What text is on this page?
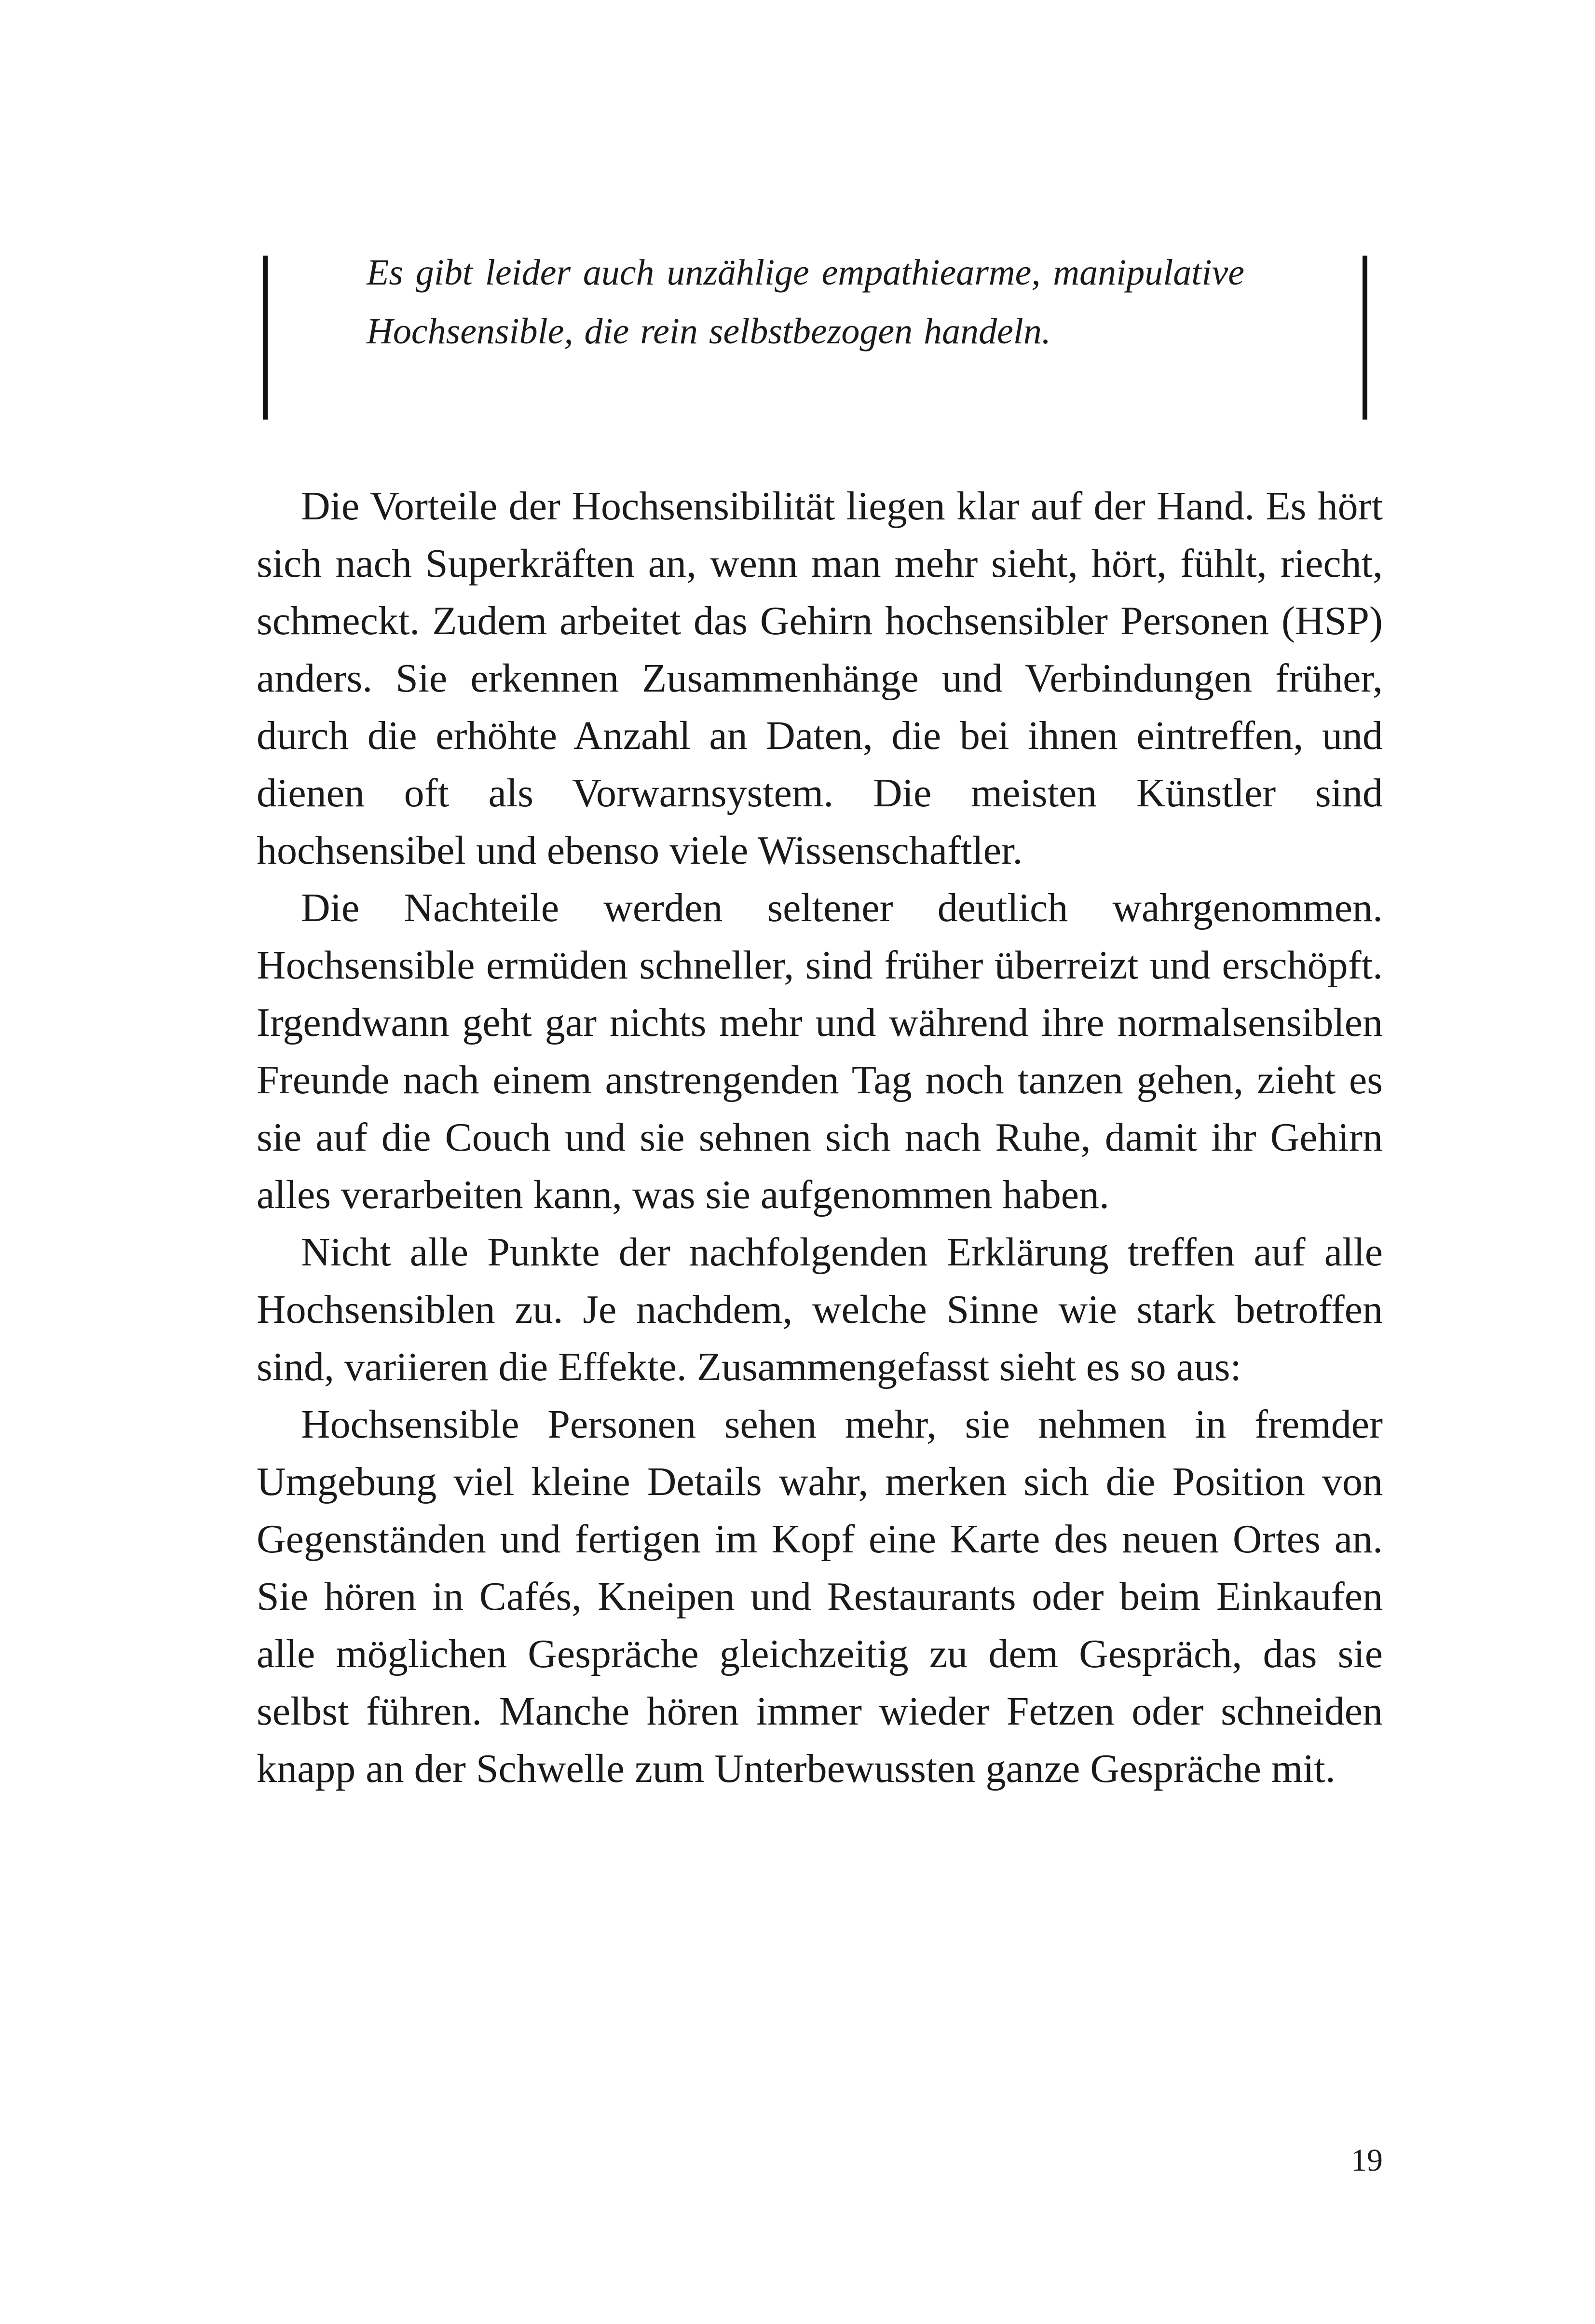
Es gibt leider auch unzählige empathiearme, manipulative Hochsensible, die rein selbstbezogen handeln.

Die Vorteile der Hochsensibilität liegen klar auf der Hand. Es hört sich nach Superkräften an, wenn man mehr sieht, hört, fühlt, riecht, schmeckt. Zudem arbeitet das Gehirn hochsensibler Personen (HSP) anders. Sie erkennen Zusammenhänge und Verbindungen früher, durch die erhöhte Anzahl an Daten, die bei ihnen eintreffen, und dienen oft als Vorwarnsystem. Die meisten Künstler sind hochsensibel und ebenso viele Wissenschaftler.

Die Nachteile werden seltener deutlich wahrgenommen. Hochsensible ermüden schneller, sind früher überreizt und erschöpft. Irgendwann geht gar nichts mehr und während ihre normalsensiblen Freunde nach einem anstrengenden Tag noch tanzen gehen, zieht es sie auf die Couch und sie sehnen sich nach Ruhe, damit ihr Gehirn alles verarbeiten kann, was sie aufgenommen haben.

Nicht alle Punkte der nachfolgenden Erklärung treffen auf alle Hochsensiblen zu. Je nachdem, welche Sinne wie stark betroffen sind, variieren die Effekte. Zusammengefasst sieht es so aus:

Hochsensible Personen sehen mehr, sie nehmen in fremder Umgebung viel kleine Details wahr, merken sich die Position von Gegenständen und fertigen im Kopf eine Karte des neuen Ortes an. Sie hören in Cafés, Kneipen und Restaurants oder beim Einkaufen alle möglichen Gespräche gleichzeitig zu dem Gespräch, das sie selbst führen. Manche hören immer wieder Fetzen oder schneiden knapp an der Schwelle zum Unterbewussten ganze Gespräche mit.

19
